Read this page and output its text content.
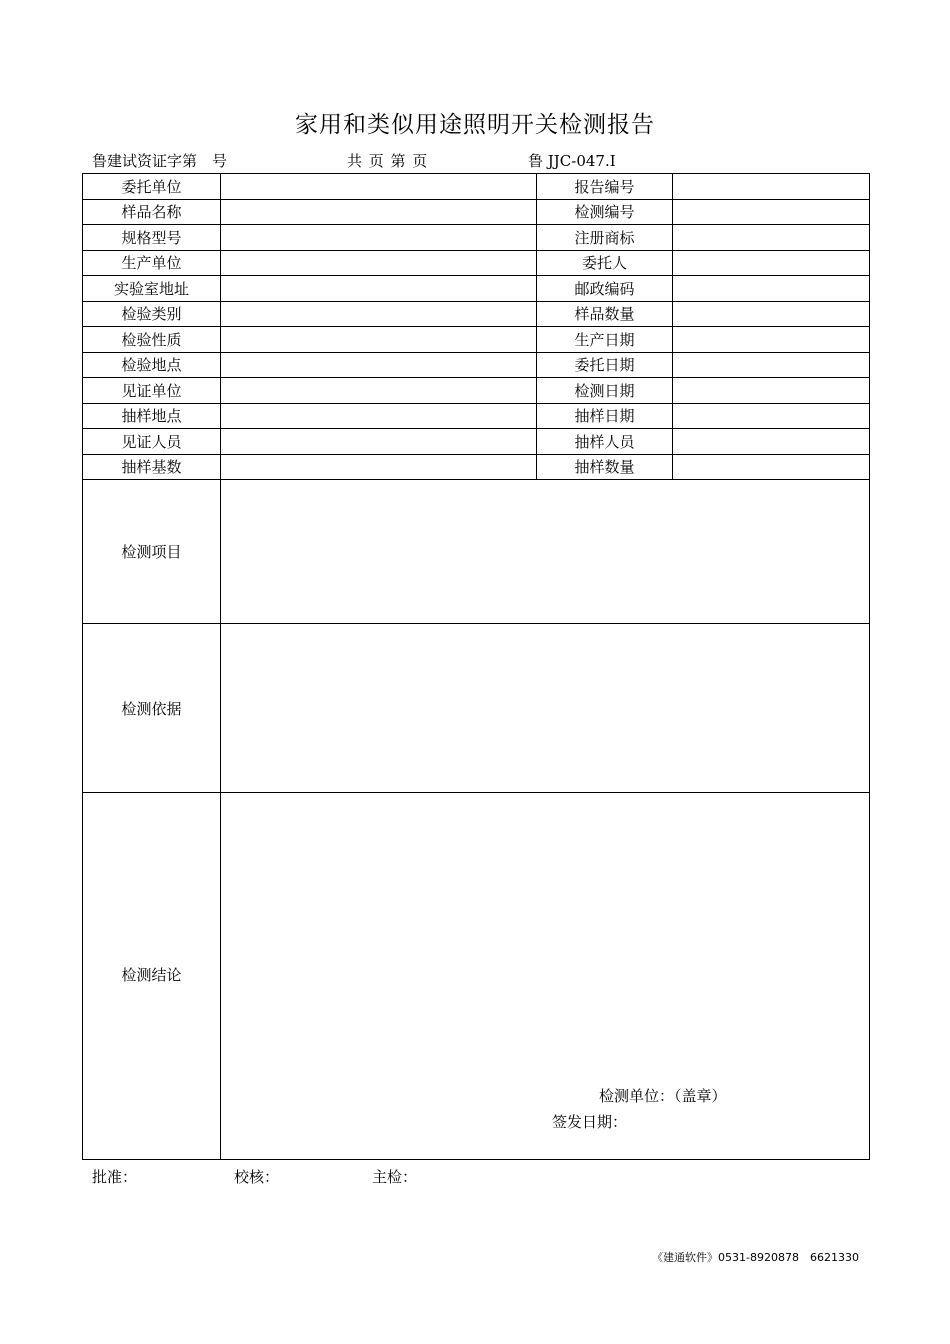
家用和类似用途照明开关检测报告
鲁建试资证字第　号	共 页 第 页	鲁 JJC-047.Ⅰ
委托单位		报告编号	
样品名称		检测编号	
规格型号		注册商标	
生产单位		委托人	
实验室地址		邮政编码	
检验类别		样品数量	
检验性质		生产日期	
检验地点		委托日期	
见证单位		检测日期	
抽样地点		抽样日期	
见证人员		抽样人员	
抽样基数		抽样数量	
检测项目			
检测依据			
检测结论	检测单位：（盖章）
签发日期：		
批准：	校核：	主检：
《建通软件》0531-8920878　6621330
